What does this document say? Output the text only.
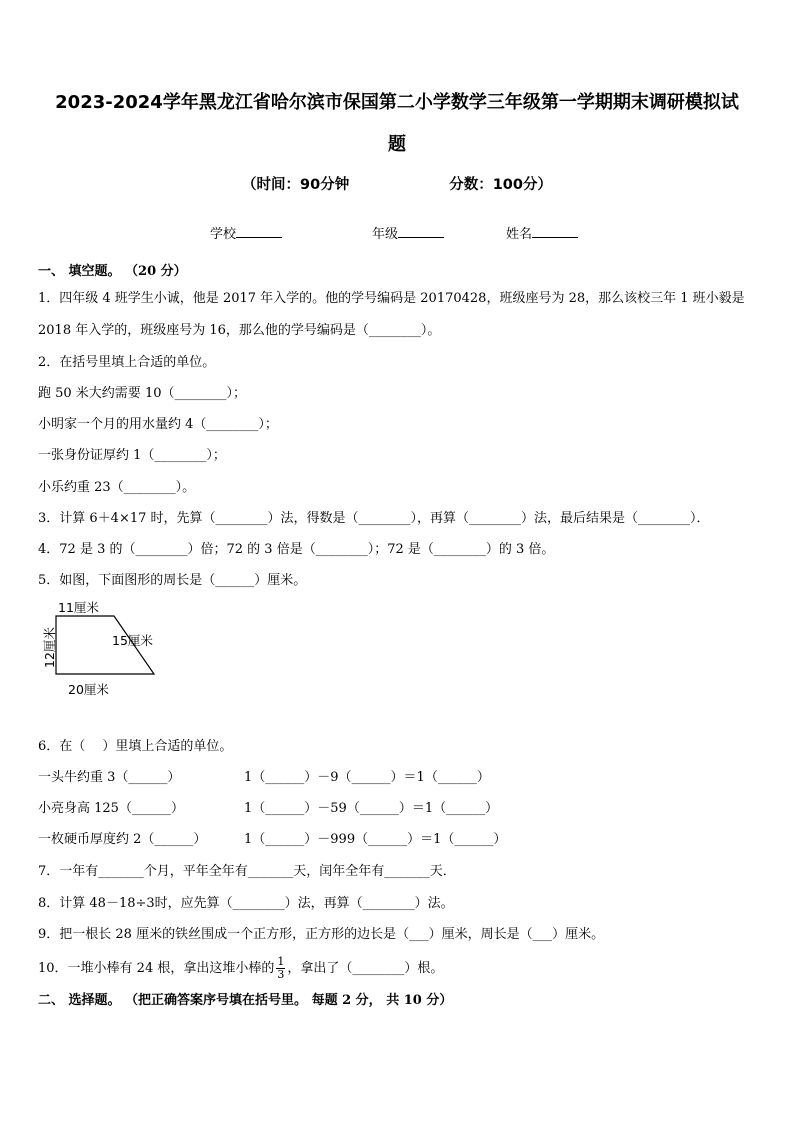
2023-2024学年黑龙江省哈尔滨市保国第二小学数学三年级第一学期期末调研模拟试
题
（时间：90分钟	分数：100分）
学校	年级	姓名
一、 填空题。 （20 分）
1．四年级 4 班学生小诚，他是 2017 年入学的。他的学号编码是 20170428，班级座号为 28，那么该校三年 1 班小毅是
2018 年入学的，班级座号为 16，那么他的学号编码是（________）。
2．在括号里填上合适的单位。
跑 50 米大约需要 10（________）；
小明家一个月的用水量约 4（________）；
一张身份证厚约 1（________）；
小乐约重 23（________）。
3．计算 6＋4×17 时，先算（________）法，得数是（________），再算（________）法，最后结果是（________）．
4．72 是 3 的（________）倍；72 的 3 倍是（________）；72 是（________）的 3 倍。
5．如图，下面图形的周长是（______）厘米。
11厘米
12厘米	15厘米
20厘米
6．在（　 ）里填上合适的单位。
一头牛约重 3（______）	1（______）－9（______）＝1（______）
小亮身高 125（______）	1（______）－59（______）＝1（______）
一枚硬币厚度约 2（______）	1（______）－999（______）＝1（______）
7．一年有_______个月，平年全年有_______天，闰年全年有_______天．
8．计算 48－18÷3时，应先算（________）法，再算（________）法。
9．把一根长 28 厘米的铁丝围成一个正方形，正方形的边长是（___）厘米，周长是（___）厘米。
10．一堆小棒有 24 根，拿出这堆小棒的 $\frac{1}{3}$ ，拿出了（________）根。
二、 选择题。 （把正确答案序号填在括号里。 每题 2 分， 共 10 分）
